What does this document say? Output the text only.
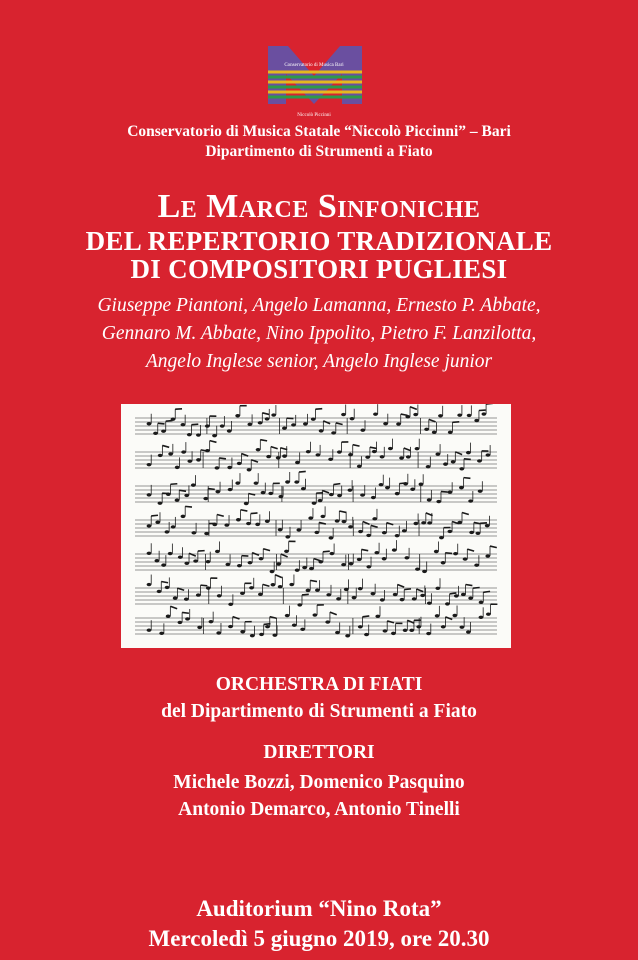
Conservatorio di Musica Bari
Niccolò Piccinni
Conservatorio di Musica Statale “Niccolò Piccinni” – Bari
Dipartimento di Strumenti a Fiato
Le Marce Sinfoniche
DEL REPERTORIO TRADIZIONALE
DI COMPOSITORI PUGLIESI
Giuseppe Piantoni, Angelo Lamanna, Ernesto P. Abbate,
Gennaro M. Abbate, Nino Ippolito, Pietro F. Lanzilotta,
Angelo Inglese senior, Angelo Inglese junior
ORCHESTRA DI FIATI
del Dipartimento di Strumenti a Fiato
DIRETTORI
Michele Bozzi, Domenico Pasquino
Antonio Demarco, Antonio Tinelli
Auditorium “Nino Rota”
Mercoledì 5 giugno 2019, ore 20.30
